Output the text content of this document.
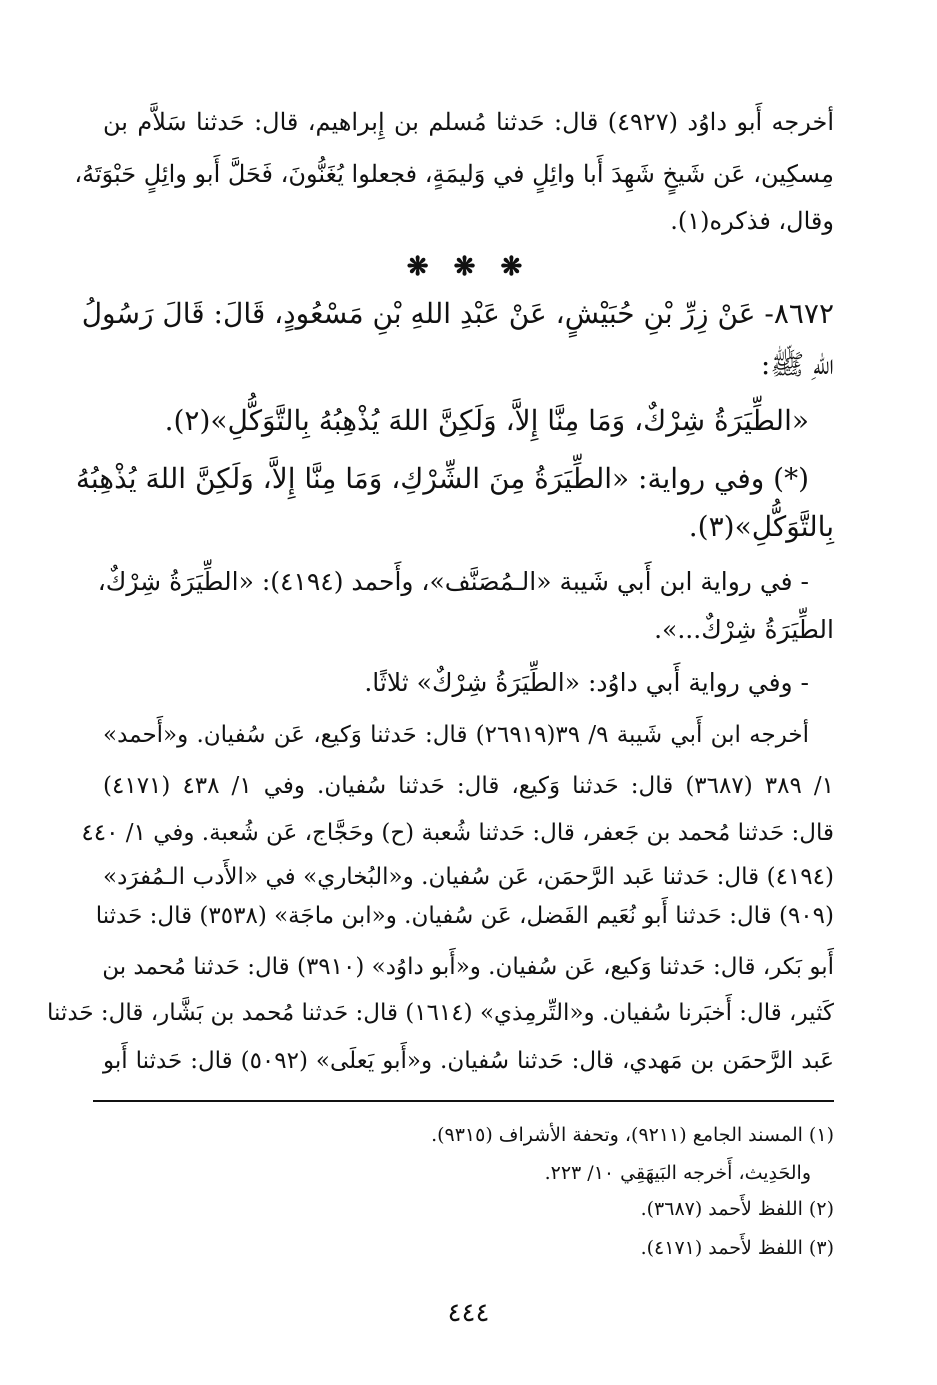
أخرجه أَبو داوُد (٤٩٢٧) قال: حَدثنا مُسلم بن إِبراهيم، قال: حَدثنا سَلاَّم بن
مِسكِين، عَن شَيخٍ شَهِدَ أَبا وائِلٍ في وَليمَةٍ، فجعلوا يُغَنُّونَ، فَحَلَّ أَبو وائِلٍ حَبْوَتَهُ،
وقال، فذكره(١).
❋ ❋ ❋
٨٦٧٢- عَنْ زِرِّ بْنِ حُبَيْشٍ، عَنْ عَبْدِ اللهِ بْنِ مَسْعُودٍ، قَالَ: قَالَ رَسُولُ
اللهِ ﷺ:
«الطِّيَرَةُ شِرْكٌ، وَمَا مِنَّا إِلاَّ، وَلَكِنَّ اللهَ يُذْهِبُهُ بِالتَّوَكُّلِ»(٢).
(*) وفي رواية: «الطِّيَرَةُ مِنَ الشِّرْكِ، وَمَا مِنَّا إِلاَّ، وَلَكِنَّ اللهَ يُذْهِبُهُ
بِالتَّوَكُّلِ»(٣).
- في رواية ابن أَبي شَيبة «الـمُصَنَّف»، وأَحمد (٤١٩٤): «الطِّيَرَةُ شِرْكٌ،
الطِّيَرَةُ شِرْكٌ...».
- وفي رواية أَبي داوُد: «الطِّيَرَةُ شِرْكٌ» ثلاثًا.
أخرجه ابن أَبي شَيبة ٩/ ٣٩(٢٦٩١٩) قال: حَدثنا وَكيع، عَن سُفيان. و«أَحمد»
١/ ٣٨٩ (٣٦٨٧) قال: حَدثنا وَكيع، قال: حَدثنا سُفيان. وفي ١/ ٤٣٨ (٤١٧١)
قال: حَدثنا مُحمد بن جَعفر، قال: حَدثنا شُعبة (ح) وحَجَّاج، عَن شُعبة. وفي ١/ ٤٤٠
(٤١٩٤) قال: حَدثنا عَبد الرَّحمَن، عَن سُفيان. و«البُخاري» في «الأَدب الـمُفرَد»
(٩٠٩) قال: حَدثنا أَبو نُعَيم الفَضل، عَن سُفيان. و«ابن ماجَة» (٣٥٣٨) قال: حَدثنا
أَبو بَكر، قال: حَدثنا وَكيع، عَن سُفيان. و«أَبو داوُد» (٣٩١٠) قال: حَدثنا مُحمد بن
كَثير، قال: أَخبَرنا سُفيان. و«التِّرمِذي» (١٦١٤) قال: حَدثنا مُحمد بن بَشَّار، قال: حَدثنا
عَبد الرَّحمَن بن مَهدي، قال: حَدثنا سُفيان. و«أَبو يَعلَى» (٥٠٩٢) قال: حَدثنا أَبو
(١) المسند الجامع (٩٢١١)، وتحفة الأشراف (٩٣١٥).
والحَدِيث، أَخرجه البَيهَقِي ١٠/ ٢٢٣.
(٢) اللفظ لأَحمد (٣٦٨٧).
(٣) اللفظ لأَحمد (٤١٧١).
٤٤٤
